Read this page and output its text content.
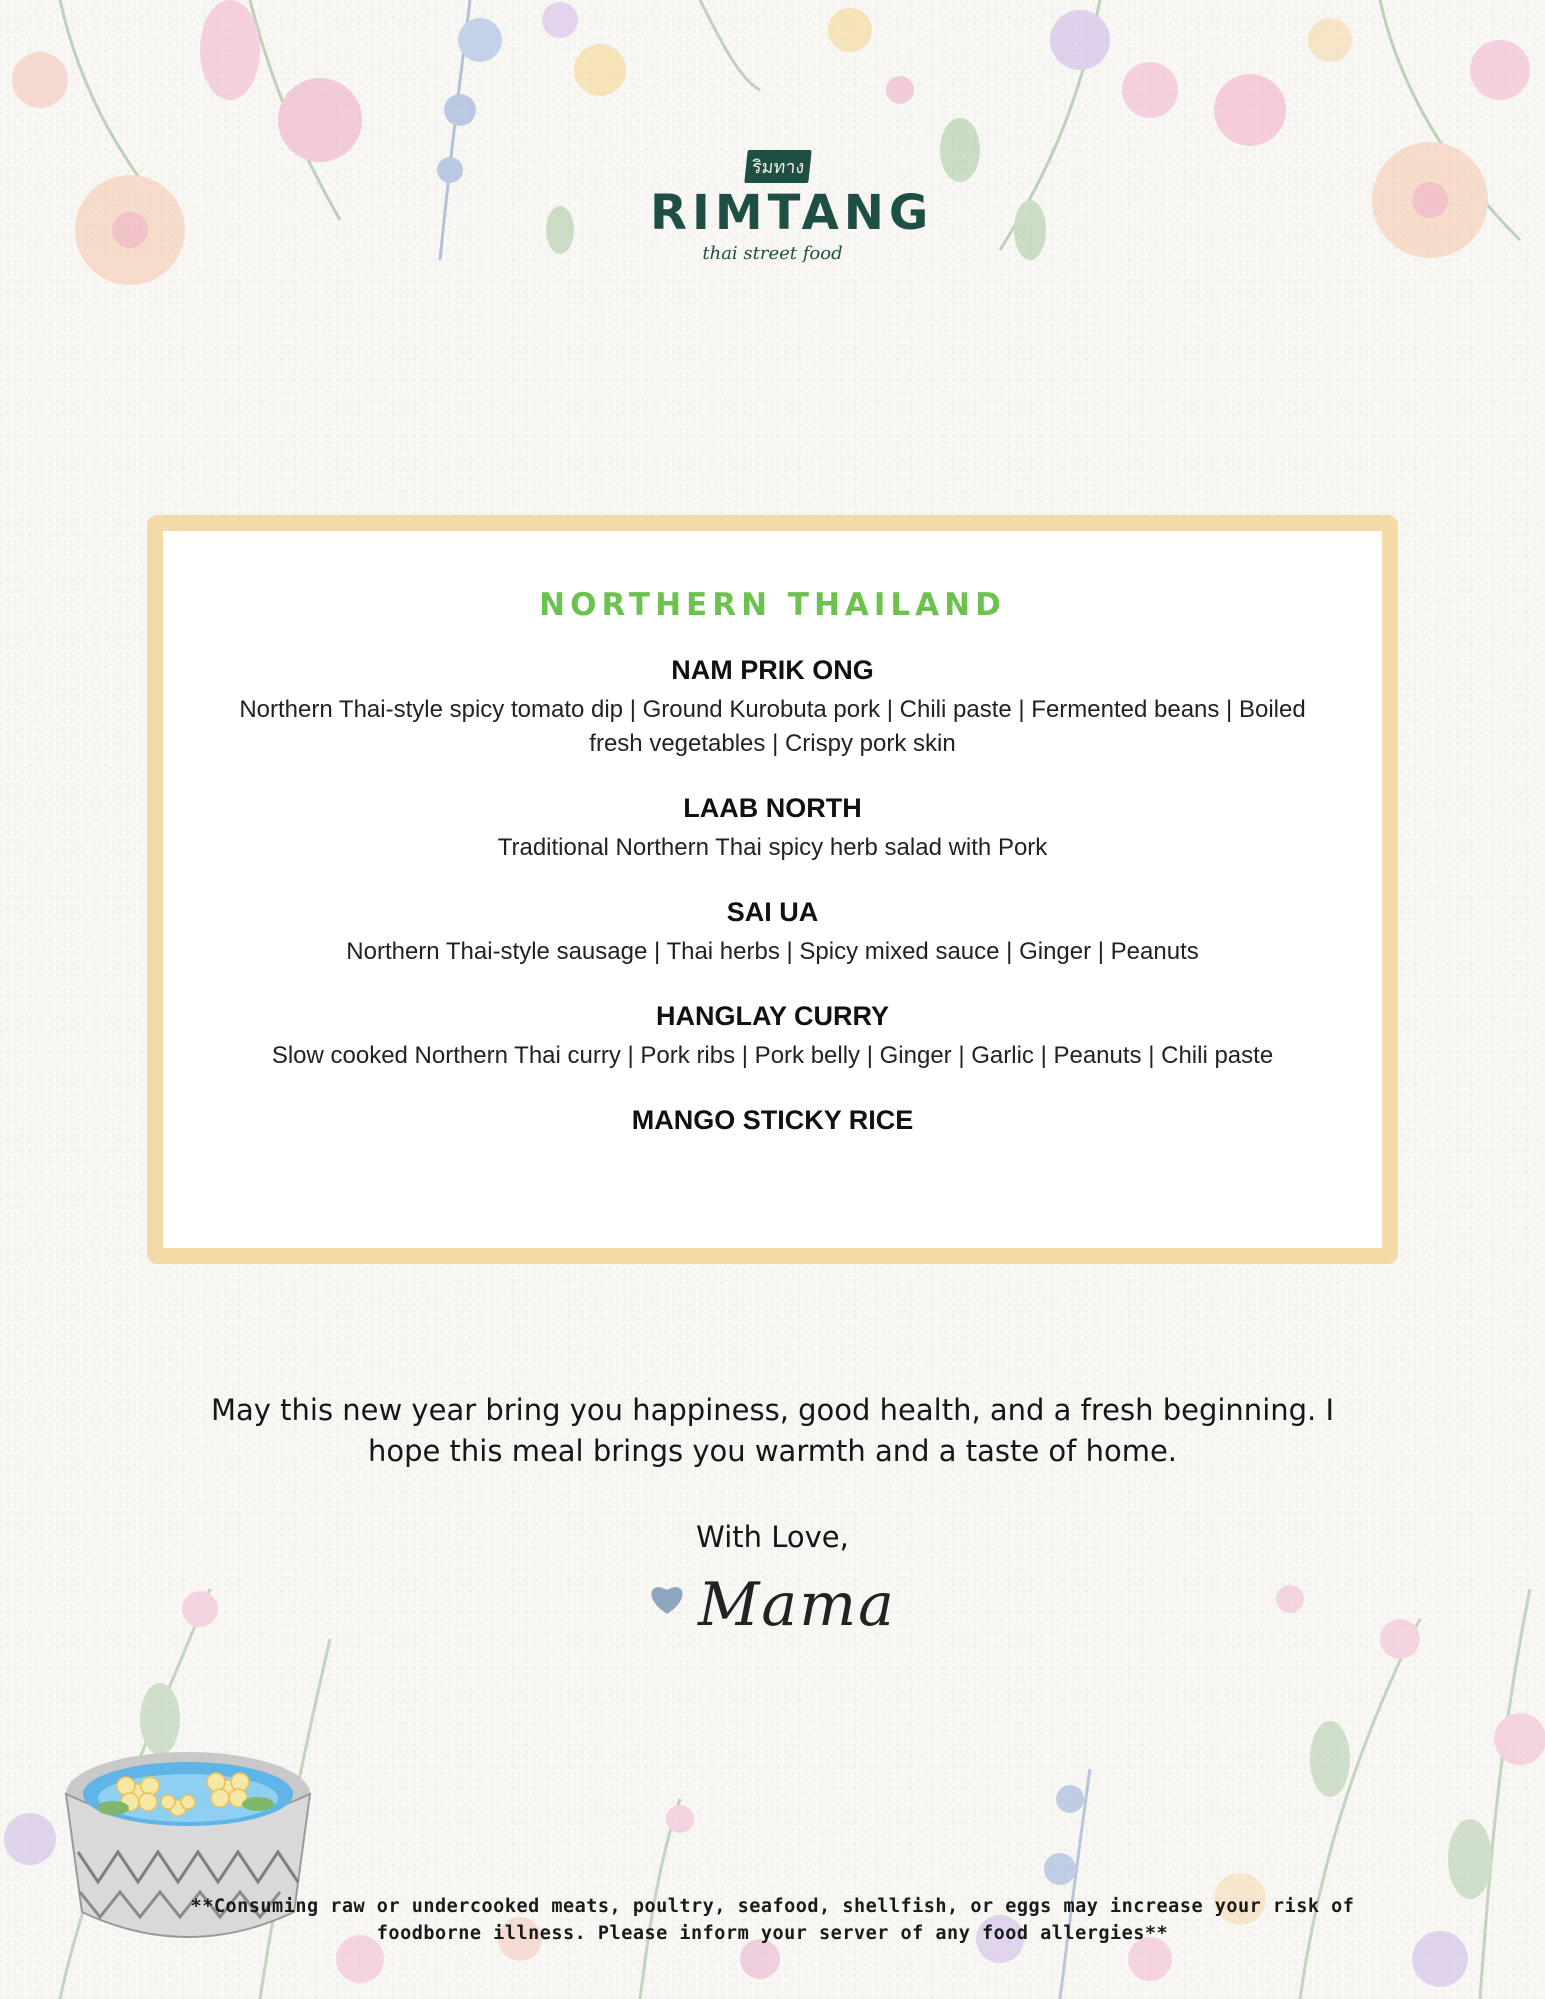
ริมทาง
RIMTANG
thai street food
NORTHERN THAILAND
NAM PRIK ONG
Northern Thai-style spicy tomato dip | Ground Kurobuta pork | Chili paste | Fermented beans | Boiled fresh vegetables | Crispy pork skin
LAAB NORTH
Traditional Northern Thai spicy herb salad with Pork
SAI UA
Northern Thai-style sausage | Thai herbs | Spicy mixed sauce | Ginger | Peanuts
HANGLAY CURRY
Slow cooked Northern Thai curry | Pork ribs | Pork belly | Ginger | Garlic | Peanuts | Chili paste
MANGO STICKY RICE
May this new year bring you happiness, good health, and a fresh beginning. I hope this meal brings you warmth and a taste of home.
With Love,
Mama
**Consuming raw or undercooked meats, poultry, seafood, shellfish, or eggs may increase your risk of foodborne illness. Please inform your server of any food allergies**
